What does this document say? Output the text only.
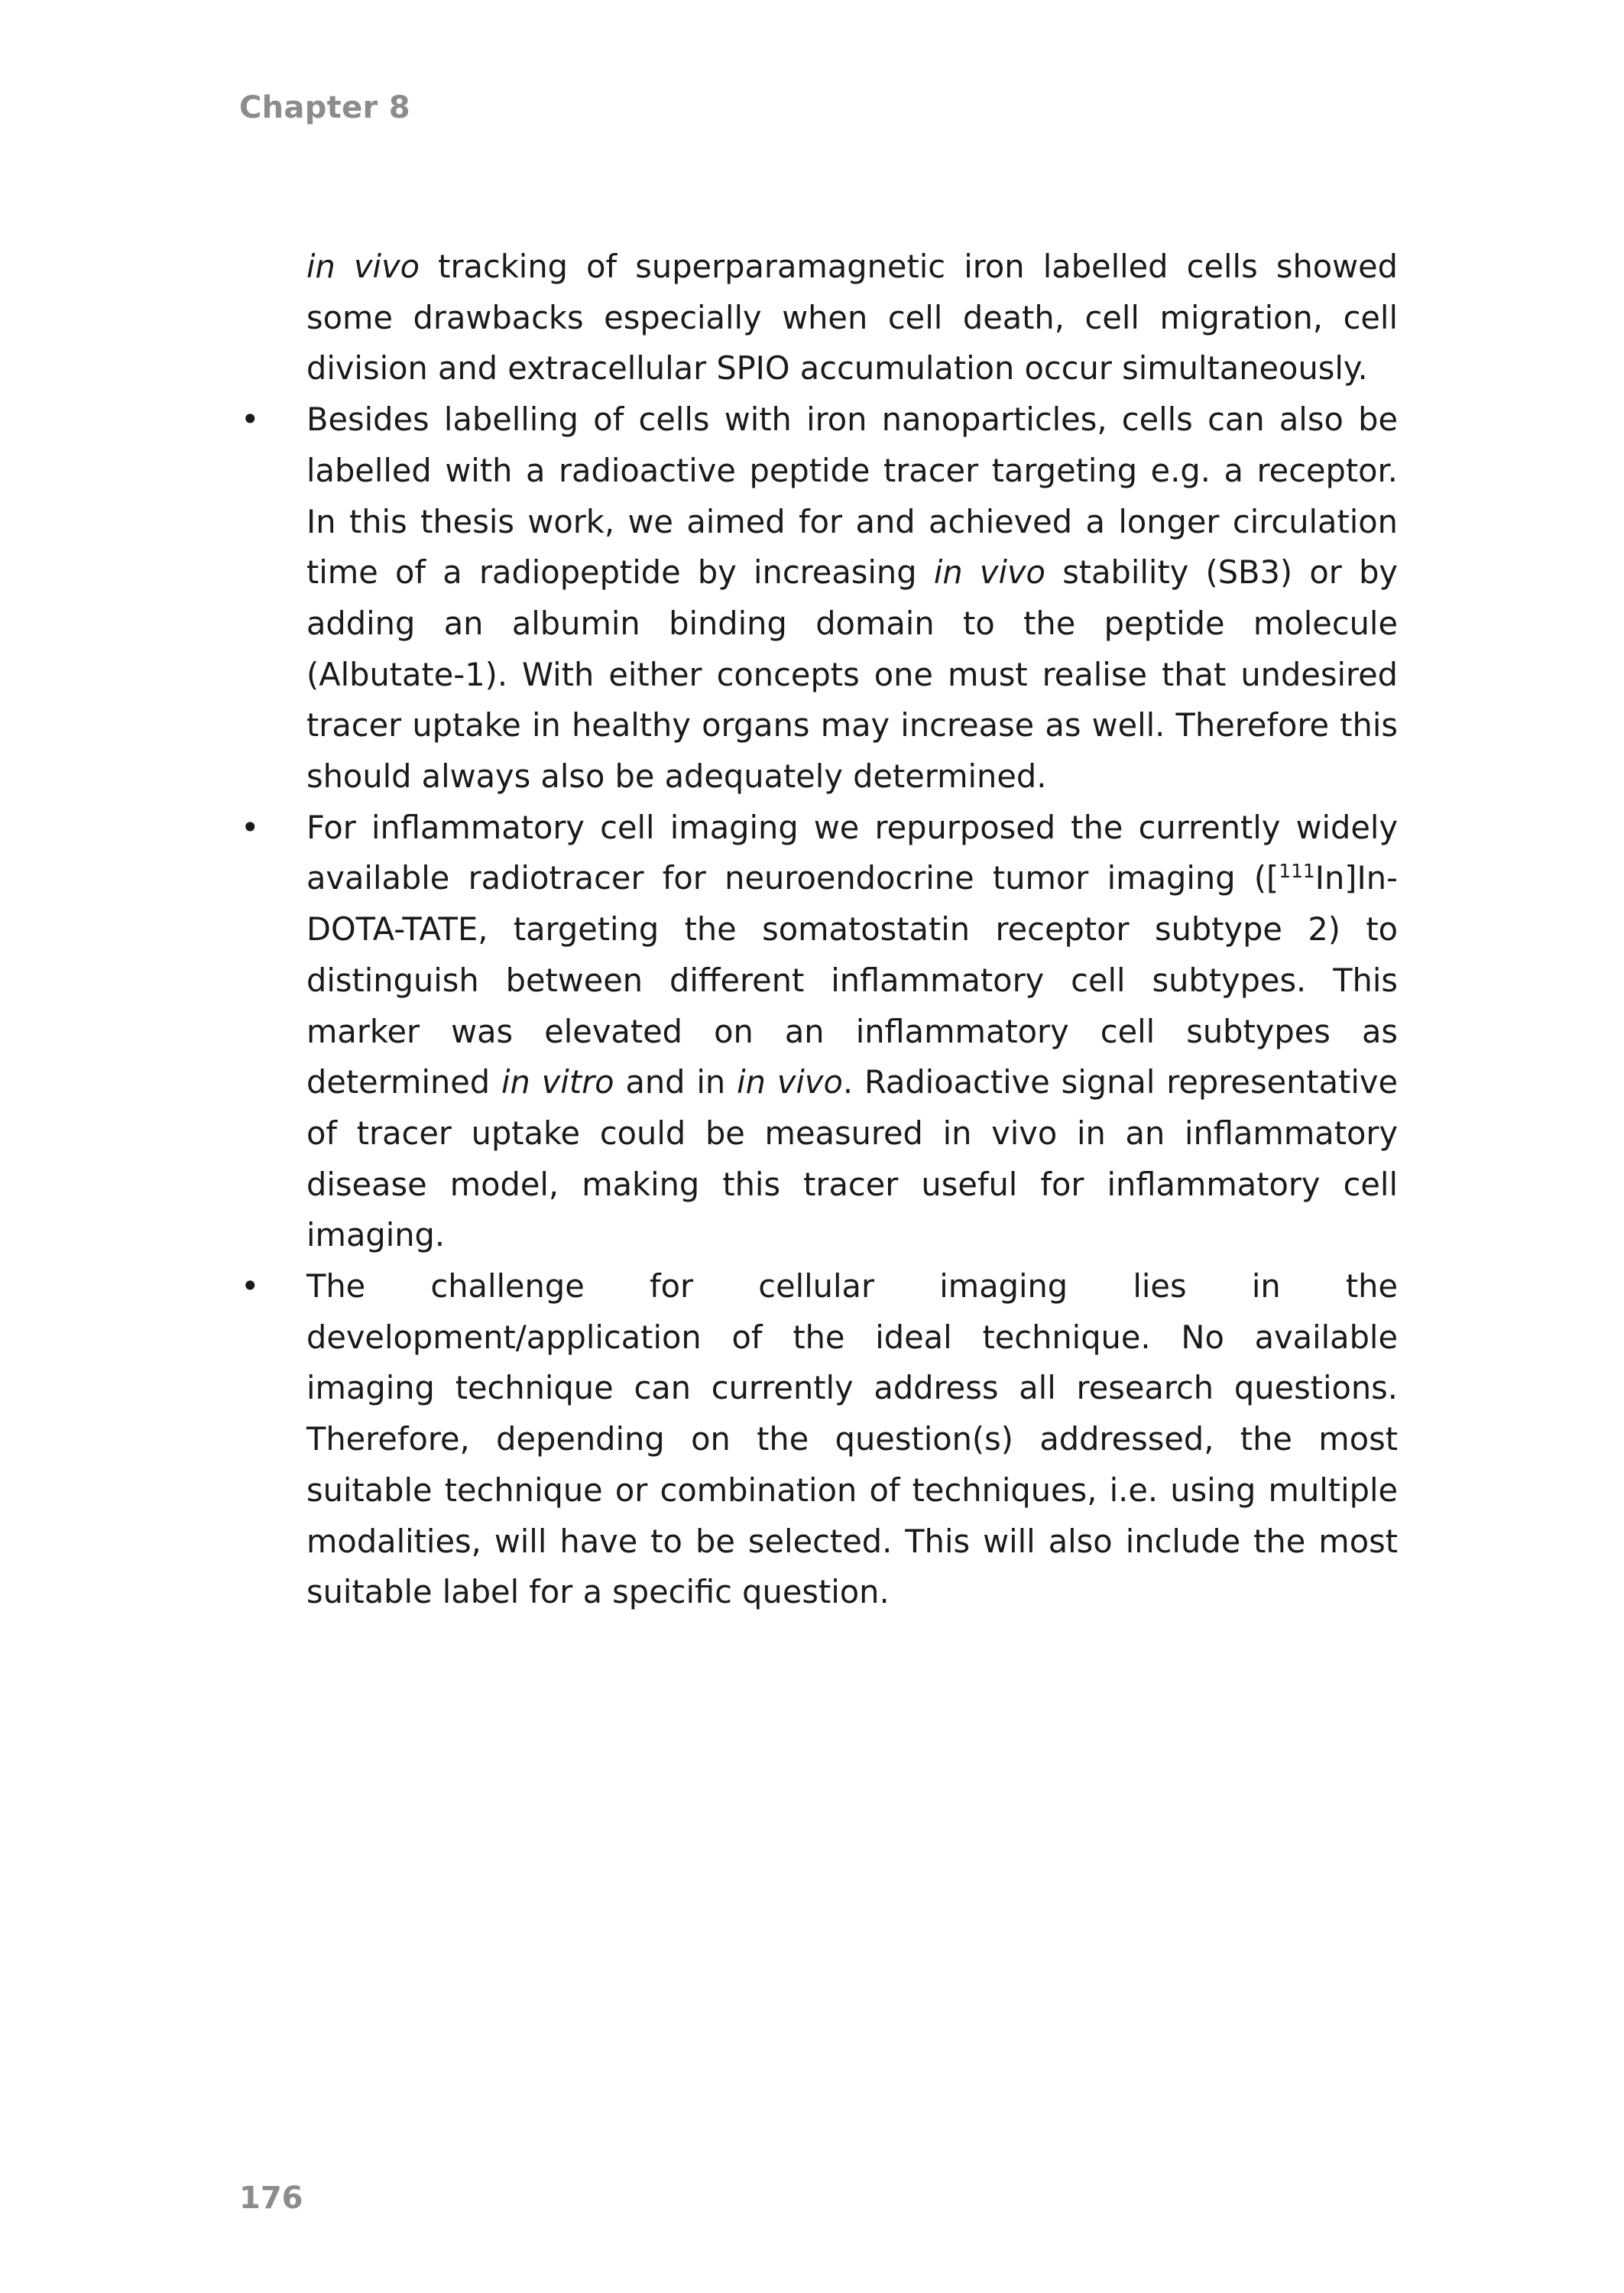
Chapter 8

in vivo tracking of superparamagnetic iron labelled cells showed some drawbacks especially when cell death, cell migration, cell division and extracellular SPIO accumulation occur simultaneously.

•	Besides labelling of cells with iron nanoparticles, cells can also be labelled with a radioactive peptide tracer targeting e.g. a receptor. In this thesis work, we aimed for and achieved a longer circulation time of a radiopeptide by increasing in vivo stability (SB3) or by adding an albumin binding domain to the peptide molecule (Albutate-1). With either concepts one must realise that undesired tracer uptake in healthy organs may increase as well. Therefore this should always also be adequately determined.

•	For inflammatory cell imaging we repurposed the currently widely available radiotracer for neuroendocrine tumor imaging ([$^{111}$In]In-DOTA-TATE, targeting the somatostatin receptor subtype 2) to distinguish between different inflammatory cell subtypes. This marker was elevated on an inflammatory cell subtypes as determined in vitro and in in vivo. Radioactive signal representative of tracer uptake could be measured in vivo in an inflammatory disease model, making this tracer useful for inflammatory cell imaging.

•	The challenge for cellular imaging lies in the development/application of the ideal technique. No available imaging technique can currently address all research questions. Therefore, depending on the question(s) addressed, the most suitable technique or combination of techniques, i.e. using multiple modalities, will have to be selected. This will also include the most suitable label for a specific question.

176
